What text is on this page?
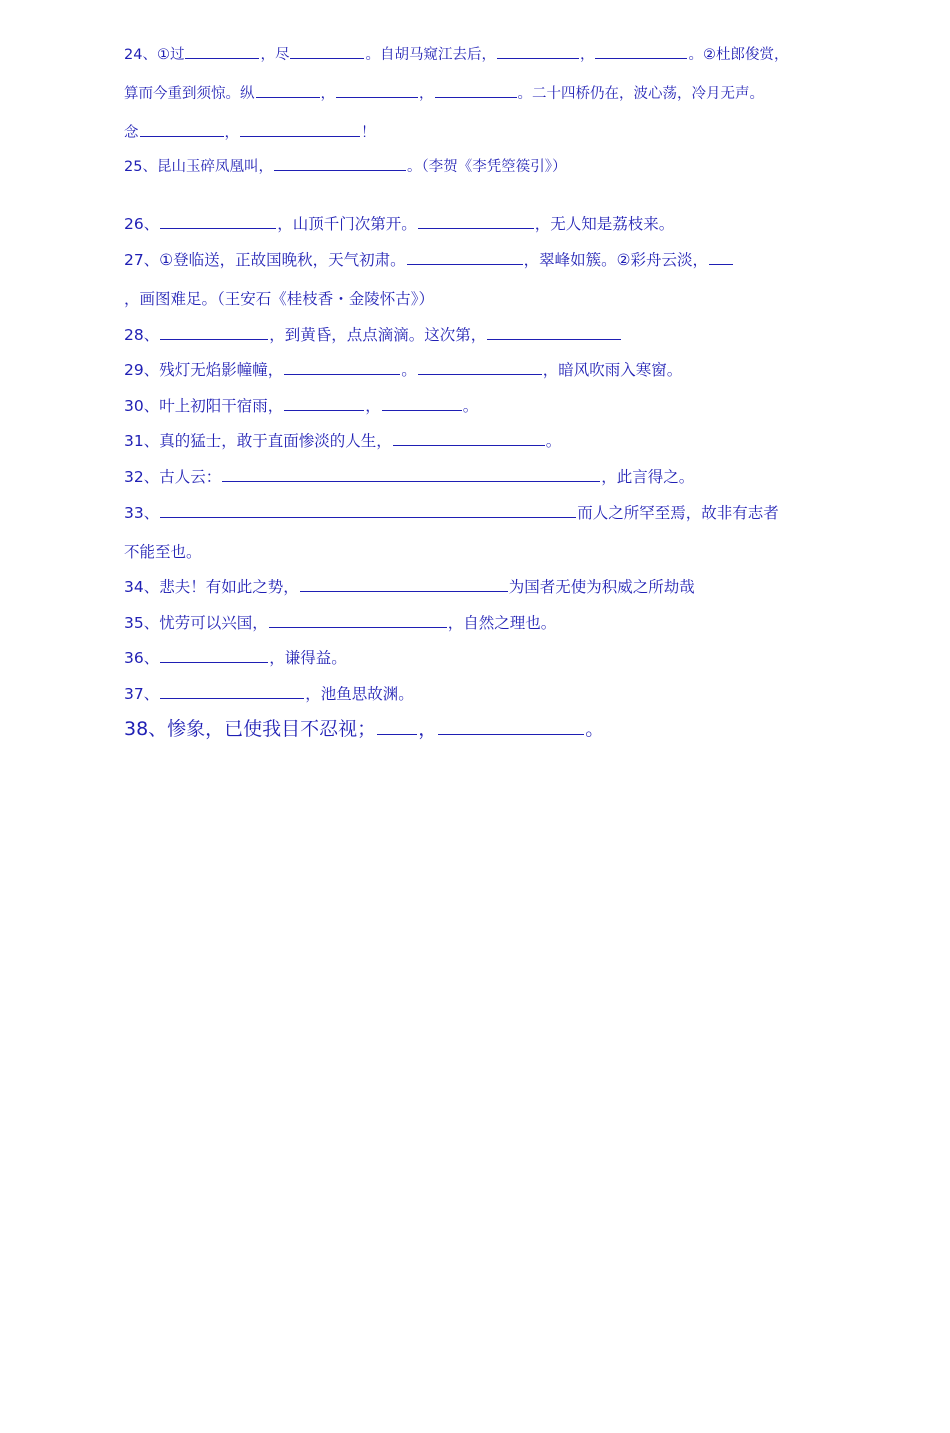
24、①过	，尽	。自胡马窥江去后，	，	。②杜郎俊赏，
算而今重到须惊。纵	，	，	。二十四桥仍在，波心荡，冷月无声。
念	，	！
25、昆山玉碎凤凰叫，	。（李贺《李凭箜篌引》）
26、	，山顶千门次第开。	，无人知是荔枝来。
27、①登临送，正故国晚秋，天气初肃。	，翠峰如簇。②彩舟云淡，
，画图难足。（王安石《桂枝香・金陵怀古》）
28、	，到黄昏，点点滴滴。这次第，
29、残灯无焰影幢幢，	。	，暗风吹雨入寒窗。
30、叶上初阳干宿雨，	，	。
31、真的猛士，敢于直面惨淡的人生，	。
32、古人云：	，此言得之。
33、	而人之所罕至焉，故非有志者
不能至也。
34、悲夫！有如此之势，	为国者无使为积威之所劫哉
35、忧劳可以兴国，	，自然之理也。
36、	，谦得益。
37、	，池鱼思故渊。
38、惨象，已使我目不忍视； ，	。
